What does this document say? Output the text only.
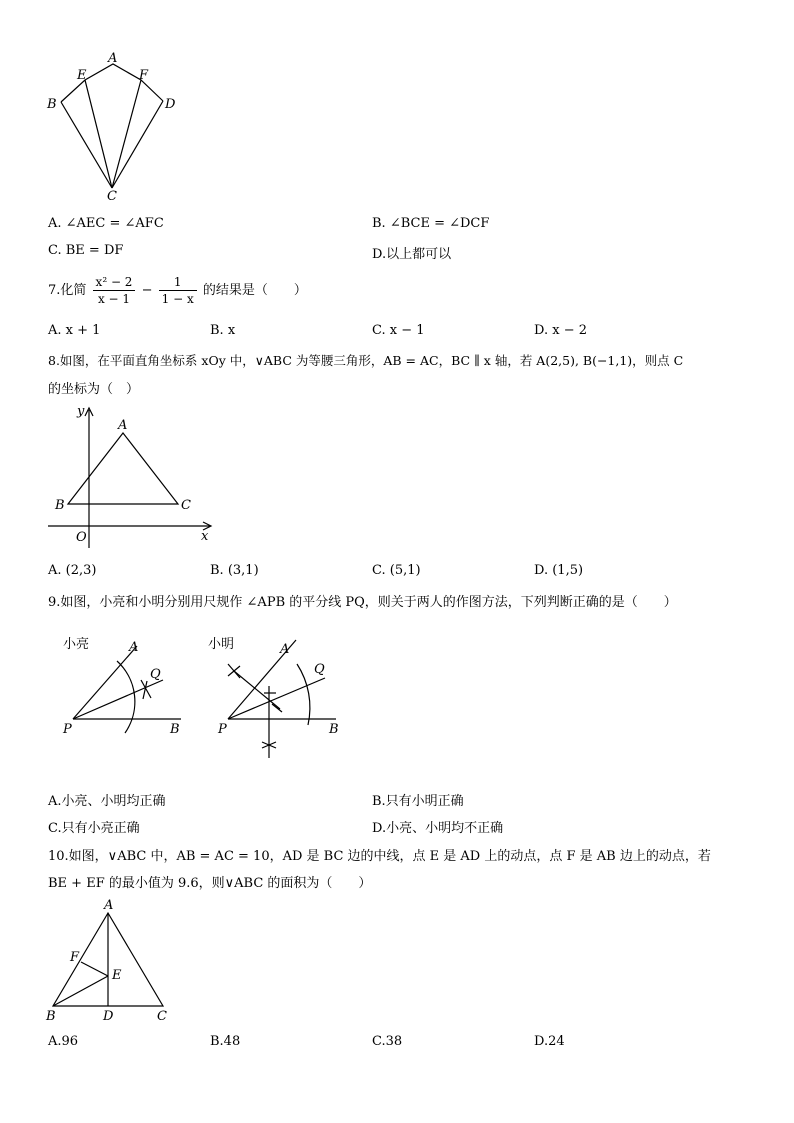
A
E	F
B	D
C
A. ∠AEC = ∠AFC	B. ∠BCE = ∠DCF
C. BE = DF	D.以上都可以
7.化简 $\frac{\text{x² − 2}}{x - 1} - \frac{1}{1 - x}$ 的结果是（　　）
A. x + 1	B. x	C. x − 1	D. x − 2
8.如图，在平面直角坐标系 xOy 中，∨ABC 为等腰三角形，AB = AC，BC ∥ x 轴，若 A(2,5), B(−1,1)，则点 C
的坐标为（　）
y
A
B	C
O	x
A. (2,3)	B. (3,1)	C. (5,1)	D. (1,5)
9.如图，小亮和小明分别用尺规作 ∠APB 的平分线 PQ，则关于两人的作图方法，下列判断正确的是（　　）
小亮	A
Q
P	B
小明	A
Q
P	B
A.小亮、小明均正确	B.只有小明正确
C.只有小亮正确	D.小亮、小明均不正确
10.如图，∨ABC 中，AB = AC = 10，AD 是 BC 边的中线，点 E 是 AD 上的动点，点 F 是 AB 边上的动点，若
BE + EF 的最小值为 9.6，则∨ABC 的面积为（　　）
A
F
E
B	D	C
A.96	B.48	C.38	D.24
